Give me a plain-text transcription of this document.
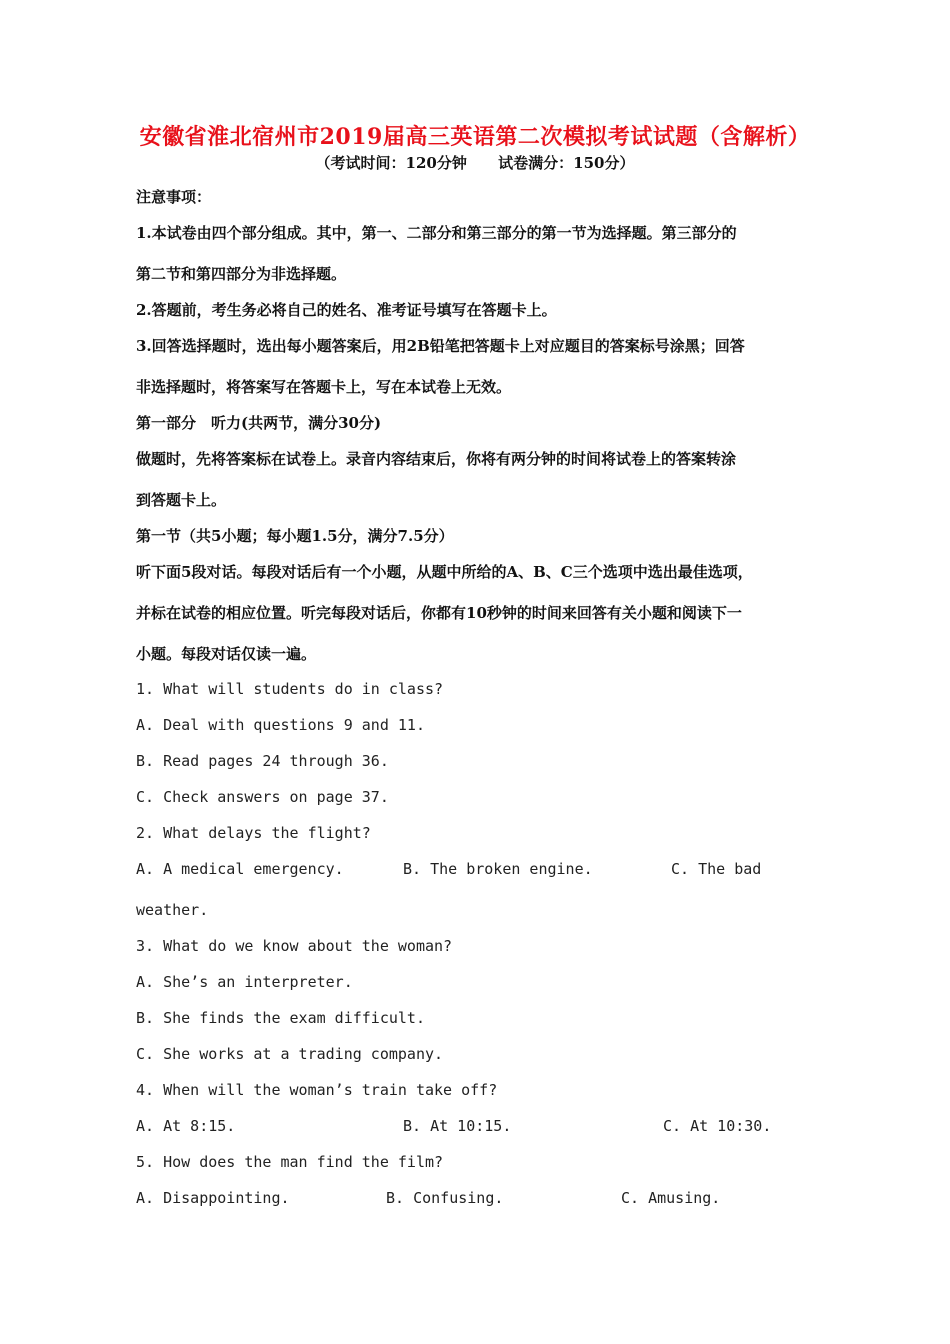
安徽省淮北宿州市2019届高三英语第二次模拟考试试题（含解析）
（考试时间：120分钟      试卷满分：150分）
注意事项：
1.本试卷由四个部分组成。其中，第一、二部分和第三部分的第一节为选择题。第三部分的
第二节和第四部分为非选择题。
2.答题前，考生务必将自己的姓名、准考证号填写在答题卡上。
3.回答选择题时，选出每小题答案后，用2B铅笔把答题卡上对应题目的答案标号涂黑；回答
非选择题时，将答案写在答题卡上，写在本试卷上无效。
第一部分　听力(共两节，满分30分)
做题时，先将答案标在试卷上。录音内容结束后，你将有两分钟的时间将试卷上的答案转涂
到答题卡上。
第一节（共5小题；每小题1.5分，满分7.5分）
听下面5段对话。每段对话后有一个小题，从题中所给的A、B、C三个选项中选出最佳选项，
并标在试卷的相应位置。听完每段对话后，你都有10秒钟的时间来回答有关小题和阅读下一
小题。每段对话仅读一遍。
1. What will students do in class?
A. Deal with questions 9 and 11.
B. Read pages 24 through 36.
C. Check answers on page 37.
2. What delays the flight?
A. A medical emergency.	B. The broken engine.	C. The bad
weather.
3. What do we know about the woman?
A. She’s an interpreter.
B. She finds the exam difficult.
C. She works at a trading company.
4. When will the woman’s train take off?
A. At 8:15.	B. At 10:15.	C. At 10:30.
5. How does the man find the film?
A. Disappointing.	B. Confusing.	C. Amusing.
